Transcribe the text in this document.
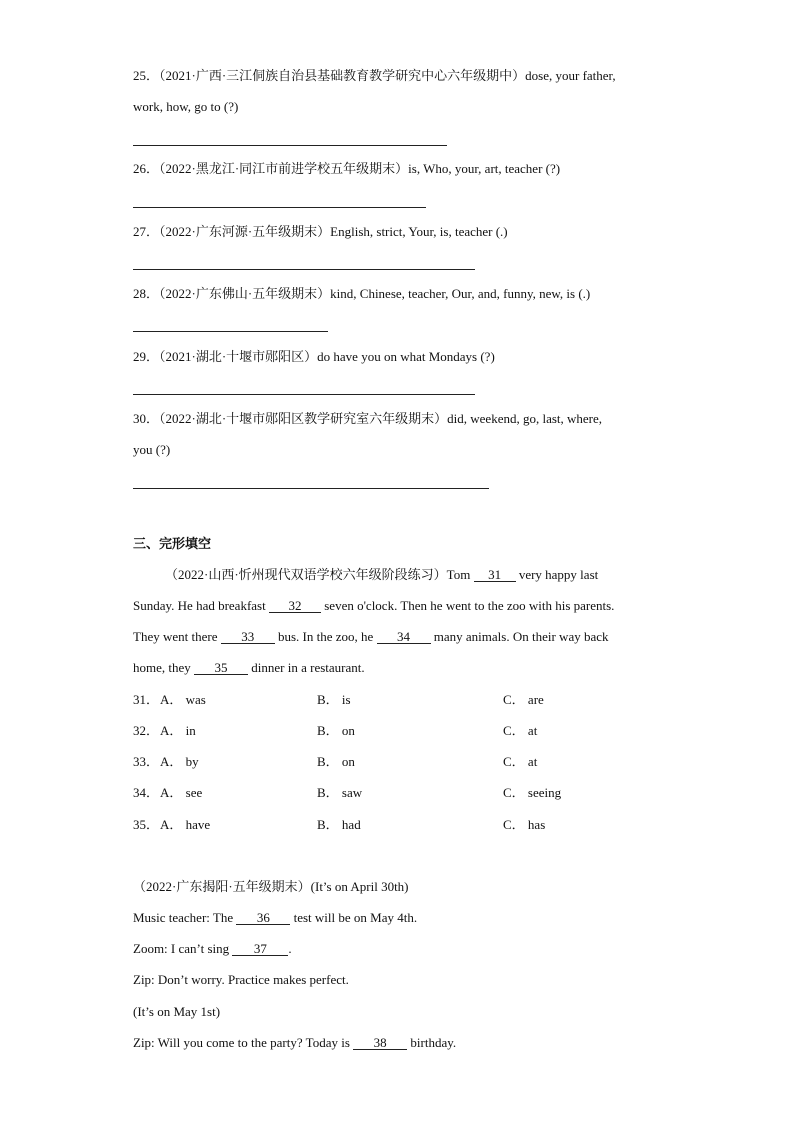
25．（2021·广西·三江侗族自治县基础教育教学研究中心六年级期中）dose, your father,
work, how, go to (?)
26．（2022·黑龙江·同江市前进学校五年级期末）is, Who, your, art, teacher (?)
27．（2022·广东河源·五年级期末）English, strict, Your, is, teacher (.)
28．（2022·广东佛山·五年级期末）kind, Chinese, teacher, Our, and, funny, new, is (.)
29．（2021·湖北·十堰市郧阳区）do have you on what Mondays (?)
30．（2022·湖北·十堰市郧阳区教学研究室六年级期末）did, weekend, go, last, where,
you (?)
三、完形填空
（2022·山西·忻州现代双语学校六年级阶段练习）Tom 31 very happy last
Sunday. He had breakfast 32 seven o'clock. Then he went to the zoo with his parents.
They went there 33 bus. In the zoo, he 34 many animals. On their way back
home, they 35 dinner in a restaurant.
31． A． was	B． is	C． are
32． A． in	B． on	C． at
33． A． by	B． on	C． at
34． A． see	B． saw	C． seeing
35． A． have	B． had	C． has
（2022·广东揭阳·五年级期末）(It’s on April 30th)
Music teacher: The 36 test will be on May 4th.
Zoom: I can’t sing 37 .
Zip: Don’t worry. Practice makes perfect.
(It’s on May 1st)
Zip: Will you come to the party? Today is 38 birthday.
